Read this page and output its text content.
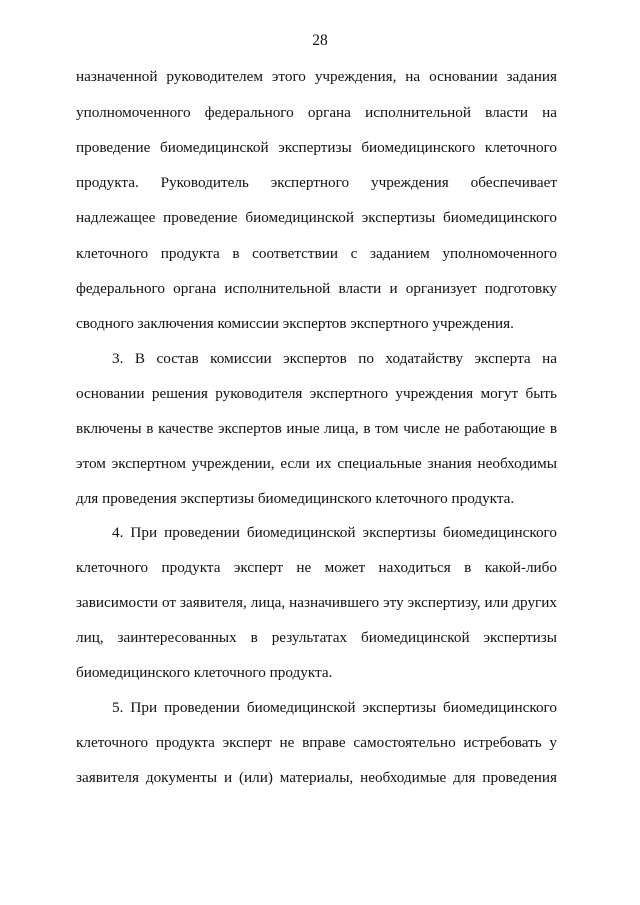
28
назначенной руководителем этого учреждения, на основании задания
уполномоченного федерального органа исполнительной власти на
проведение биомедицинской экспертизы биомедицинского клеточного
продукта. Руководитель экспертного учреждения обеспечивает
надлежащее проведение биомедицинской экспертизы биомедицинского
клеточного продукта в соответствии с заданием уполномоченного
федерального органа исполнительной власти и организует подготовку
сводного заключения комиссии экспертов экспертного учреждения.
3. В состав комиссии экспертов по ходатайству эксперта на
основании решения руководителя экспертного учреждения могут быть
включены в качестве экспертов иные лица, в том числе не работающие в
этом экспертном учреждении, если их специальные знания необходимы
для проведения экспертизы биомедицинского клеточного продукта.
4. При проведении биомедицинской экспертизы биомедицинского
клеточного продукта эксперт не может находиться в какой-либо
зависимости от заявителя, лица, назначившего эту экспертизу, или других
лиц, заинтересованных в результатах биомедицинской экспертизы
биомедицинского клеточного продукта.
5. При проведении биомедицинской экспертизы биомедицинского
клеточного продукта эксперт не вправе самостоятельно истребовать у
заявителя документы и (или) материалы, необходимые для проведения
